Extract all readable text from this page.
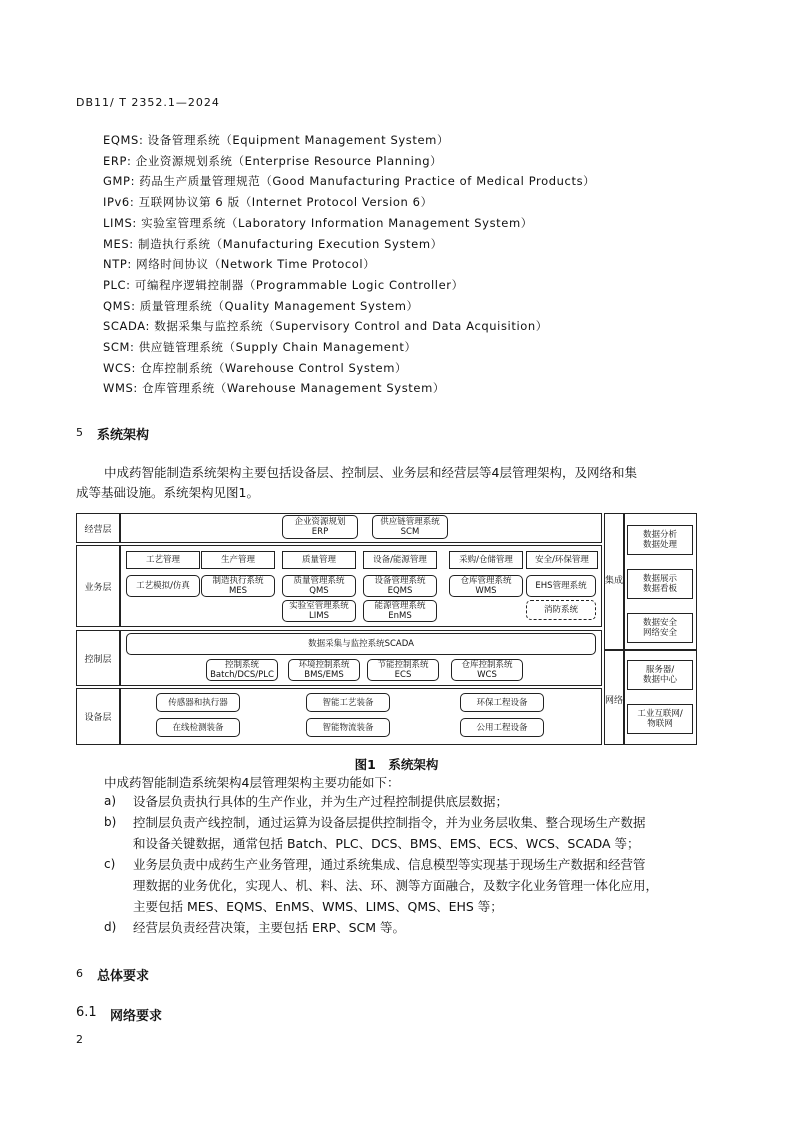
DB11/ T 2352.1—2024
EQMS: 设备管理系统（Equipment Management System）
ERP: 企业资源规划系统（Enterprise Resource Planning）
GMP: 药品生产质量管理规范（Good Manufacturing Practice of Medical Products）
IPv6: 互联网协议第 6 版（Internet Protocol Version 6）
LIMS: 实验室管理系统（Laboratory Information Management System）
MES: 制造执行系统（Manufacturing Execution System）
NTP: 网络时间协议（Network Time Protocol）
PLC: 可编程序逻辑控制器（Programmable Logic Controller）
QMS: 质量管理系统（Quality Management System）
SCADA: 数据采集与监控系统（Supervisory Control and Data Acquisition）
SCM: 供应链管理系统（Supply Chain Management）
WCS: 仓库控制系统（Warehouse Control System）
WMS: 仓库管理系统（Warehouse Management System）
5 系统架构
中成药智能制造系统架构主要包括设备层、控制层、业务层和经营层等4层管理架构，及网络和集
成等基础设施。系统架构见图1。
经营层
业务层
控制层
设备层
集成
网络
企业资源规划
ERP
供应链管理系统
SCM
工艺管理	生产管理	质量管理	设备/能源管理	采购/仓储管理	安全/环保管理
工艺模拟/仿真	制造执行系统
MES
质量管理系统
QMS
设备管理系统
EQMS
仓库管理系统
WMS	EHS管理系统
实验室管理系统
LIMS
能源管理系统
EnMS
消防系统
数据采集与监控系统SCADA
控制系统
Batch/DCS/PLC
环境控制系统
BMS/EMS
节能控制系统
ECS
仓库控制系统
WCS
传感器和执行器	智能工艺装备	环保工程设备
在线检测装备	智能物流装备	公用工程设备
数据分析
数据处理
数据展示
数据看板
数据安全
网络安全
服务器/
数据中心
工业互联网/
物联网
图1　系统架构
中成药智能制造系统架构4层管理架构主要功能如下：
a) 设备层负责执行具体的生产作业，并为生产过程控制提供底层数据；
b) 控制层负责产线控制，通过运算为设备层提供控制指令，并为业务层收集、整合现场生产数据
和设备关键数据，通常包括 Batch、PLC、DCS、BMS、EMS、ECS、WCS、SCADA 等；
c) 业务层负责中成药生产业务管理，通过系统集成、信息模型等实现基于现场生产数据和经营管
理数据的业务优化，实现人、机、料、法、环、测等方面融合，及数字化业务管理一体化应用，
主要包括 MES、EQMS、EnMS、WMS、LIMS、QMS、EHS 等；
d) 经营层负责经营决策，主要包括 ERP、SCM 等。
6 总体要求
6.1 网络要求
2
